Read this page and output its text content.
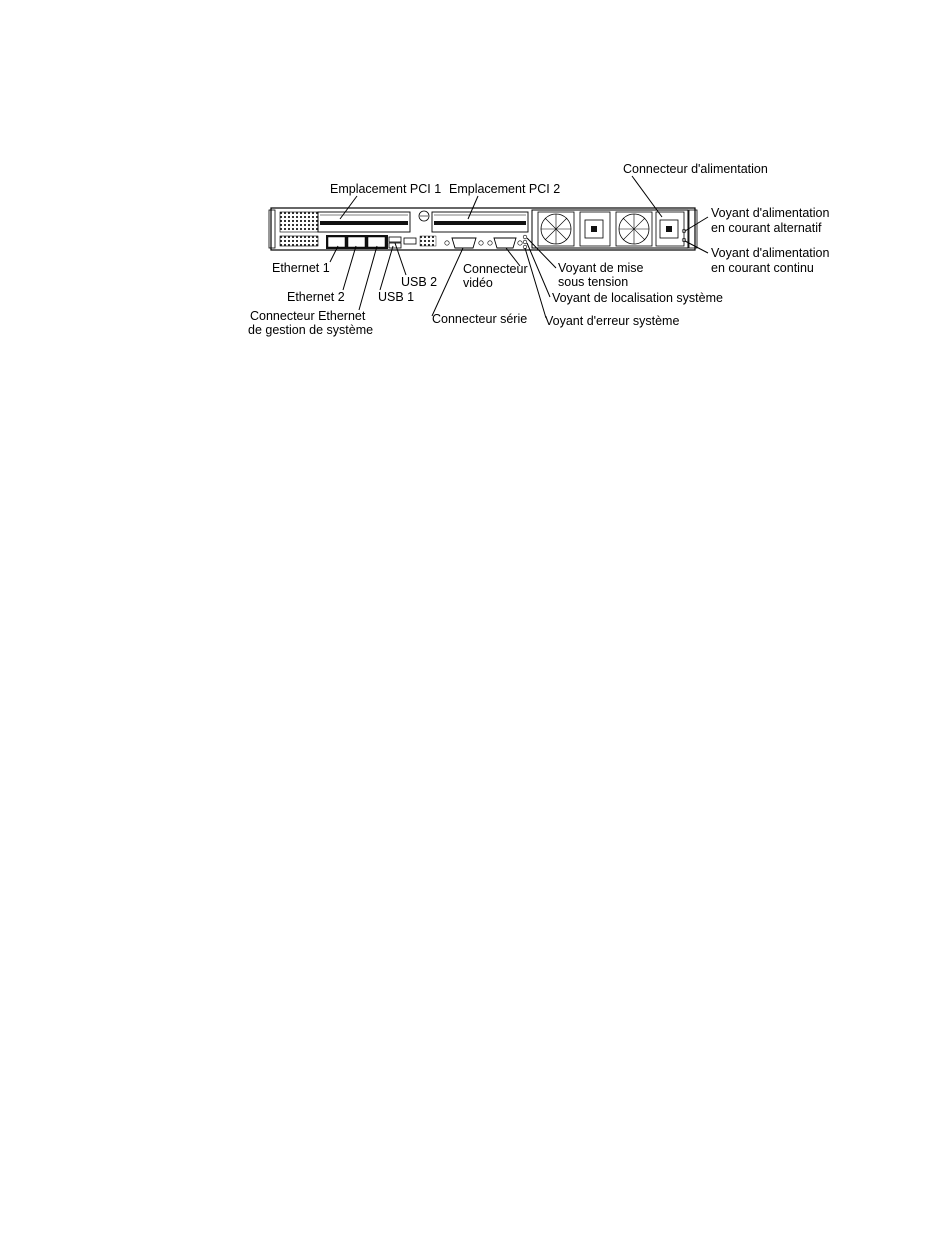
Emplacement PCI 1 Emplacement PCI 2
Connecteur d'alimentation
Voyant d'alimentation
en courant alternatif
Voyant d'alimentation
en courant continu
Ethernet 1
Ethernet 2
Connecteur Ethernet
de gestion de système
USB 2
USB 1
Connecteur
vidéo
Connecteur série
Voyant de mise
sous tension
Voyant de localisation système
Voyant d'erreur système
